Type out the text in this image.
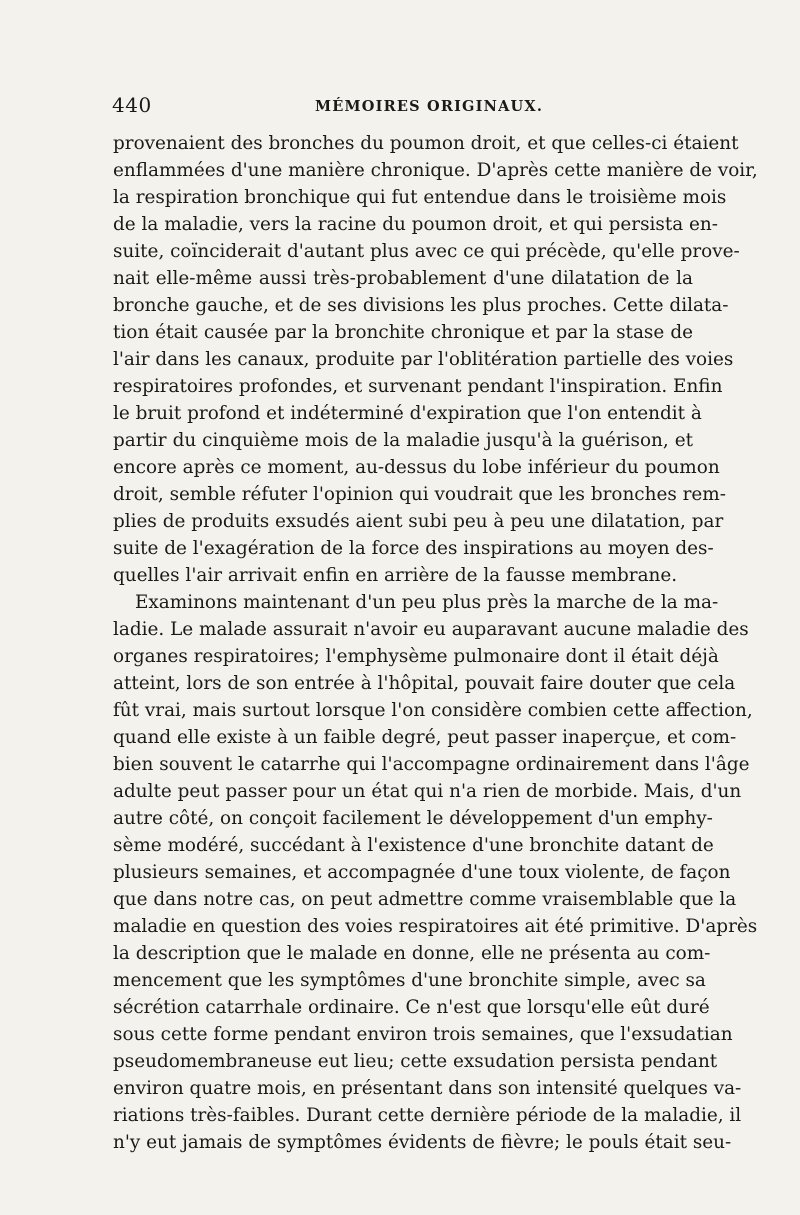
440	MÉMOIRES ORIGINAUX.
provenaient des bronches du poumon droit, et que celles-ci étaient
enflammées d'une manière chronique. D'après cette manière de voir,
la respiration bronchique qui fut entendue dans le troisième mois
de la maladie, vers la racine du poumon droit, et qui persista en-
suite, coïnciderait d'autant plus avec ce qui précède, qu'elle prove-
nait elle-même aussi très-probablement d'une dilatation de la
bronche gauche, et de ses divisions les plus proches. Cette dilata-
tion était causée par la bronchite chronique et par la stase de
l'air dans les canaux, produite par l'oblitération partielle des voies
respiratoires profondes, et survenant pendant l'inspiration. Enfin
le bruit profond et indéterminé d'expiration que l'on entendit à
partir du cinquième mois de la maladie jusqu'à la guérison, et
encore après ce moment, au-dessus du lobe inférieur du poumon
droit, semble réfuter l'opinion qui voudrait que les bronches rem-
plies de produits exsudés aient subi peu à peu une dilatation, par
suite de l'exagération de la force des inspirations au moyen des-
quelles l'air arrivait enfin en arrière de la fausse membrane.
Examinons maintenant d'un peu plus près la marche de la ma-
ladie. Le malade assurait n'avoir eu auparavant aucune maladie des
organes respiratoires; l'emphysème pulmonaire dont il était déjà
atteint, lors de son entrée à l'hôpital, pouvait faire douter que cela
fût vrai, mais surtout lorsque l'on considère combien cette affection,
quand elle existe à un faible degré, peut passer inaperçue, et com-
bien souvent le catarrhe qui l'accompagne ordinairement dans l'âge
adulte peut passer pour un état qui n'a rien de morbide. Mais, d'un
autre côté, on conçoit facilement le développement d'un emphy-
sème modéré, succédant à l'existence d'une bronchite datant de
plusieurs semaines, et accompagnée d'une toux violente, de façon
que dans notre cas, on peut admettre comme vraisemblable que la
maladie en question des voies respiratoires ait été primitive. D'après
la description que le malade en donne, elle ne présenta au com-
mencement que les symptômes d'une bronchite simple, avec sa
sécrétion catarrhale ordinaire. Ce n'est que lorsqu'elle eût duré
sous cette forme pendant environ trois semaines, que l'exsudatian
pseudomembraneuse eut lieu; cette exsudation persista pendant
environ quatre mois, en présentant dans son intensité quelques va-
riations très-faibles. Durant cette dernière période de la maladie, il
n'y eut jamais de symptômes évidents de fièvre; le pouls était seu-
